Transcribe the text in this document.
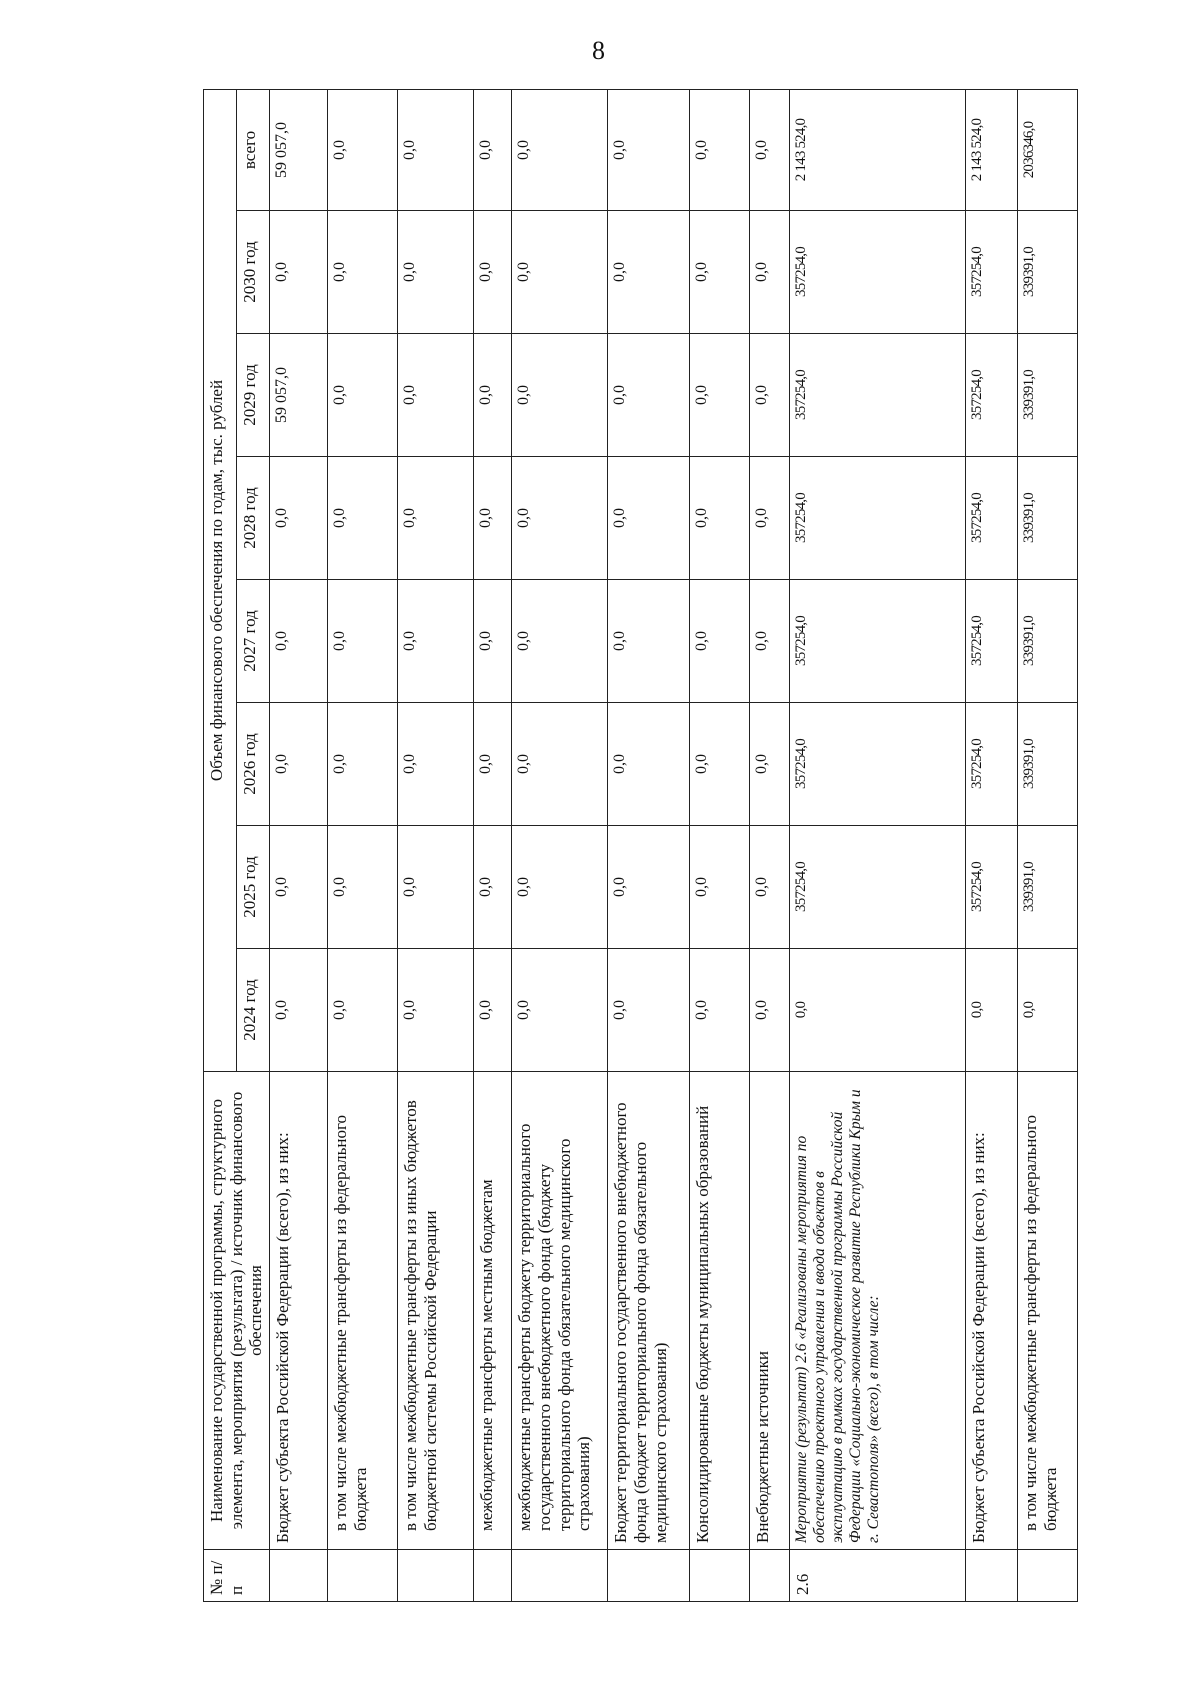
8
№ п/п	Наименование государственной программы, структурного элемента, мероприятия (результата) / источник финансового обеспечения	Объем финансового обеспечения по годам, тыс. рублей							
		2024 год	2025 год	2026 год	2027 год	2028 год	2029 год	2030 год	всего
	Бюджет субъекта Российской Федерации (всего), из них:	0,0	0,0	0,0	0,0	0,0	59 057,0	0,0	59 057,0
	в том числе межбюджетные трансферты из федерального бюджета	0,0	0,0	0,0	0,0	0,0	0,0	0,0	0,0
	в том числе межбюджетные трансферты из иных бюджетов бюджетной системы Российской Федерации	0,0	0,0	0,0	0,0	0,0	0,0	0,0	0,0
	межбюджетные трансферты местным бюджетам	0,0	0,0	0,0	0,0	0,0	0,0	0,0	0,0
	межбюджетные трансферты бюджету территориального государственного внебюджетного фонда (бюджету территориального фонда обязательного медицинского страхования)	0,0	0,0	0,0	0,0	0,0	0,0	0,0	0,0
	Бюджет территориального государственного внебюджетного фонда (бюджет территориального фонда обязательного медицинского страхования)	0,0	0,0	0,0	0,0	0,0	0,0	0,0	0,0
	Консолидированные бюджеты муниципальных образований	0,0	0,0	0,0	0,0	0,0	0,0	0,0	0,0
	Внебюджетные источники	0,0	0,0	0,0	0,0	0,0	0,0	0,0	0,0
2.6	Мероприятие (результат) 2.6 «Реализованы мероприятия по обеспечению проектного управления и ввода объектов в эксплуатацию в рамках государственной программы Российской Федерации «Социально-экономическое развитие Республики Крым и г. Севастополя» (всего), в том числе:	0,0	357254,0	357254,0	357254,0	357254,0	357254,0	357254,0	2 143 524,0
	Бюджет субъекта Российской Федерации (всего), из них:	0,0	357254,0	357254,0	357254,0	357254,0	357254,0	357254,0	2 143 524,0
	в том числе межбюджетные трансферты из федерального бюджета	0,0	339391,0	339391,0	339391,0	339391,0	339391,0	339391,0	2036346,0
